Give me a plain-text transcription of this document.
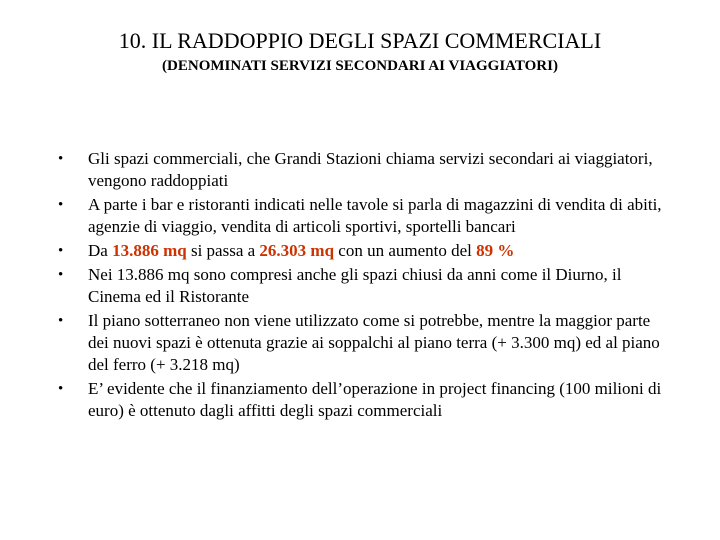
10. IL RADDOPPIO DEGLI SPAZI COMMERCIALI
(DENOMINATI SERVIZI SECONDARI AI VIAGGIATORI)
• Gli spazi commerciali, che Grandi Stazioni chiama servizi secondari ai viaggiatori, vengono raddoppiati
• A parte i bar e ristoranti indicati nelle tavole si parla di magazzini di vendita di abiti, agenzie di viaggio, vendita di articoli sportivi, sportelli bancari
• Da 13.886 mq si passa a 26.303 mq con un aumento del 89 %
• Nei 13.886 mq sono compresi anche gli spazi chiusi da anni come il Diurno, il Cinema ed il Ristorante
• Il piano sotterraneo non viene utilizzato come si potrebbe, mentre la maggior parte dei nuovi spazi è ottenuta grazie ai soppalchi al piano terra (+ 3.300 mq) ed al piano del ferro (+ 3.218 mq)
• E’ evidente che il finanziamento dell’operazione in project financing (100 milioni di euro) è ottenuto dagli affitti degli spazi commerciali
